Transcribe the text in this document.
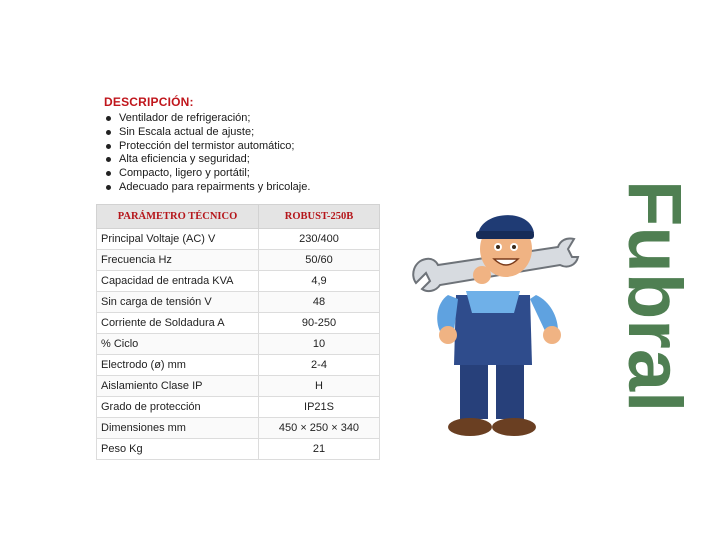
DESCRIPCIÓN:
Ventilador de refrigeración;
Sin Escala actual de ajuste;
Protección del termistor automático;
Alta eficiencia y seguridad;
Compacto, ligero y portátil;
Adecuado para repairments y bricolaje.
PARÁMETRO TÉCNICO	ROBUST-250B
Principal Voltaje (AC) V	230/400
Frecuencia Hz	50/60
Capacidad de entrada KVA	4,9
Sin carga de tensión V	48
Corriente de Soldadura A	90-250
% Ciclo	10
Electrodo (ø) mm	2-4
Aislamiento Clase IP	H
Grado de protección	IP21S
Dimensiones mm	450 × 250 × 340
Peso Kg	21
Fubral
